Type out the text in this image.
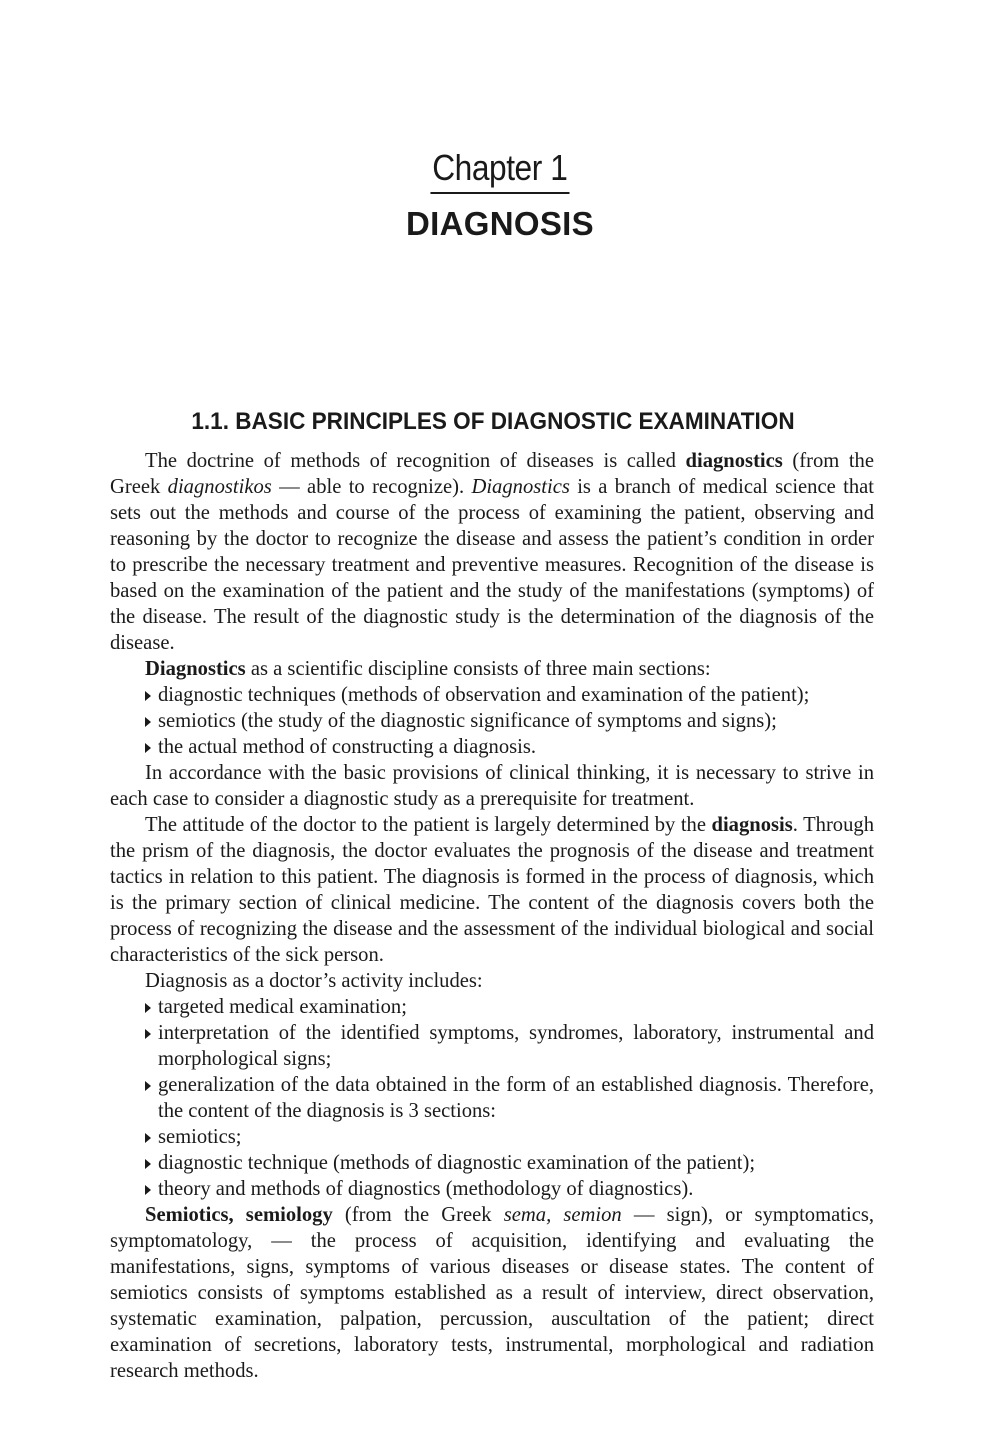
Chapter 1
DIAGNOSIS
1.1. BASIC PRINCIPLES OF DIAGNOSTIC EXAMINATION

The doctrine of methods of recognition of diseases is called diagnostics (from the Greek diagnostikos — able to recognize). Diagnostics is a branch of medical science that sets out the methods and course of the process of examining the patient, observing and reasoning by the doctor to recognize the disease and assess the patient’s condition in order to prescribe the necessary treatment and preventive measures. Recognition of the disease is based on the examination of the patient and the study of the manifestations (symptoms) of the disease. The result of the diagnostic study is the determination of the diagnosis of the disease.

Diagnostics as a scientific discipline consists of three main sections:

diagnostic techniques (methods of observation and examination of the patient);
semiotics (the study of the diagnostic significance of symptoms and signs);
the actual method of constructing a diagnosis.

In accordance with the basic provisions of clinical thinking, it is necessary to strive in each case to consider a diagnostic study as a prerequisite for treatment.

The attitude of the doctor to the patient is largely determined by the diagnosis. Through the prism of the diagnosis, the doctor evaluates the prognosis of the disease and treatment tactics in relation to this patient. The diagnosis is formed in the process of diagnosis, which is the primary section of clinical medicine. The content of the diagnosis covers both the process of recognizing the disease and the assessment of the individual biological and social characteristics of the sick person.

Diagnosis as a doctor’s activity includes:

targeted medical examination;
interpretation of the identified symptoms, syndromes, laboratory, instrumental and morphological signs;
generalization of the data obtained in the form of an established diagnosis. Therefore, the content of the diagnosis is 3 sections:
semiotics;
diagnostic technique (methods of diagnostic examination of the patient);
theory and methods of diagnostics (methodology of diagnostics).

Semiotics, semiology (from the Greek sema, semion — sign), or symptomatics, symptomatology, — the process of acquisition, identifying and evaluating the manifestations, signs, symptoms of various diseases or disease states. The content of semiotics consists of symptoms established as a result of interview, direct observation, systematic examination, palpation, percussion, auscultation of the patient; direct examination of secretions, laboratory tests, instrumental, morphological and radiation research methods.
